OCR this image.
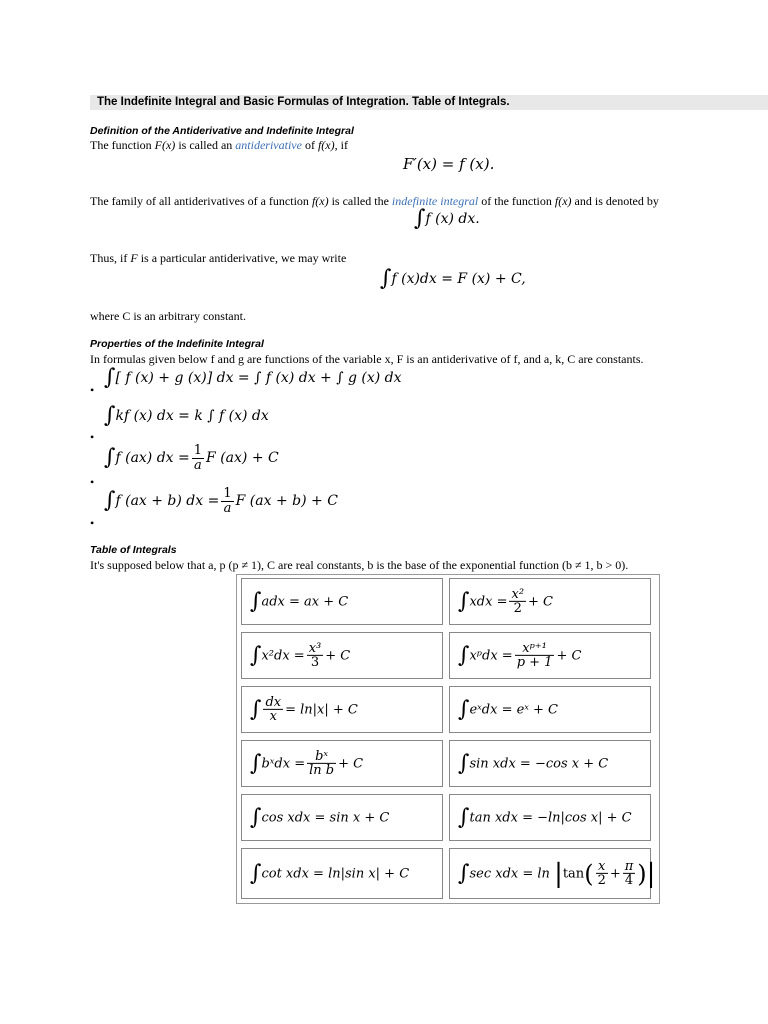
The Indefinite Integral and Basic Formulas of Integration. Table of Integrals.
Definition of the Antiderivative and Indefinite Integral
The function F(x) is called an antiderivative of f(x), if
F′(x) = f (x).
The family of all antiderivatives of a function f(x) is called the indefinite integral of the function f(x) and is denoted by
∫f (x) dx.
Thus, if F is a particular antiderivative, we may write
∫f (x)dx = F (x) + C,
where C is an arbitrary constant.
Properties of the Indefinite Integral
In formulas given below f and g are functions of the variable x, F is an antiderivative of f, and a, k, C are constants.
∫[ f (x) + g (x)] dx = ∫ f (x) dx + ∫ g (x) dx
•
∫kf (x) dx = k ∫ f (x) dx
•
∫f (ax) dx = $\frac{1}{a}$ F (ax) + C
•
∫f (ax + b) dx = $\frac{1}{a}$ F (ax + b) + C
•
Table of Integrals
It's supposed below that a, p (p ≠ 1), C are real constants, b is the base of the exponential function (b ≠ 1, b > 0).
∫adx = ax + C	$\int xdx = \frac{\text{x²}}{2} + C$
$\int x^2dx = \frac{\text{x³}}{3} + C$	∫xᵖdx = $\frac{\text{xᵖ⁺¹}}{p + 1} + C$
∫ $\frac{dx}{x} = \ln|x| + C$	∫eˣdx = eˣ + C
∫bˣdx = $\frac{\text{bˣ}}{\text{ln b}} + C$	∫sin xdx = −cos x + C
∫cos xdx = sin x + C	∫tan xdx = −ln|cos x| + C
∫cot xdx = ln|sin x| + C ∫sec xdx = $\ln |\tan( \frac{x}{2} + \frac{\pi}{4}$ )|
